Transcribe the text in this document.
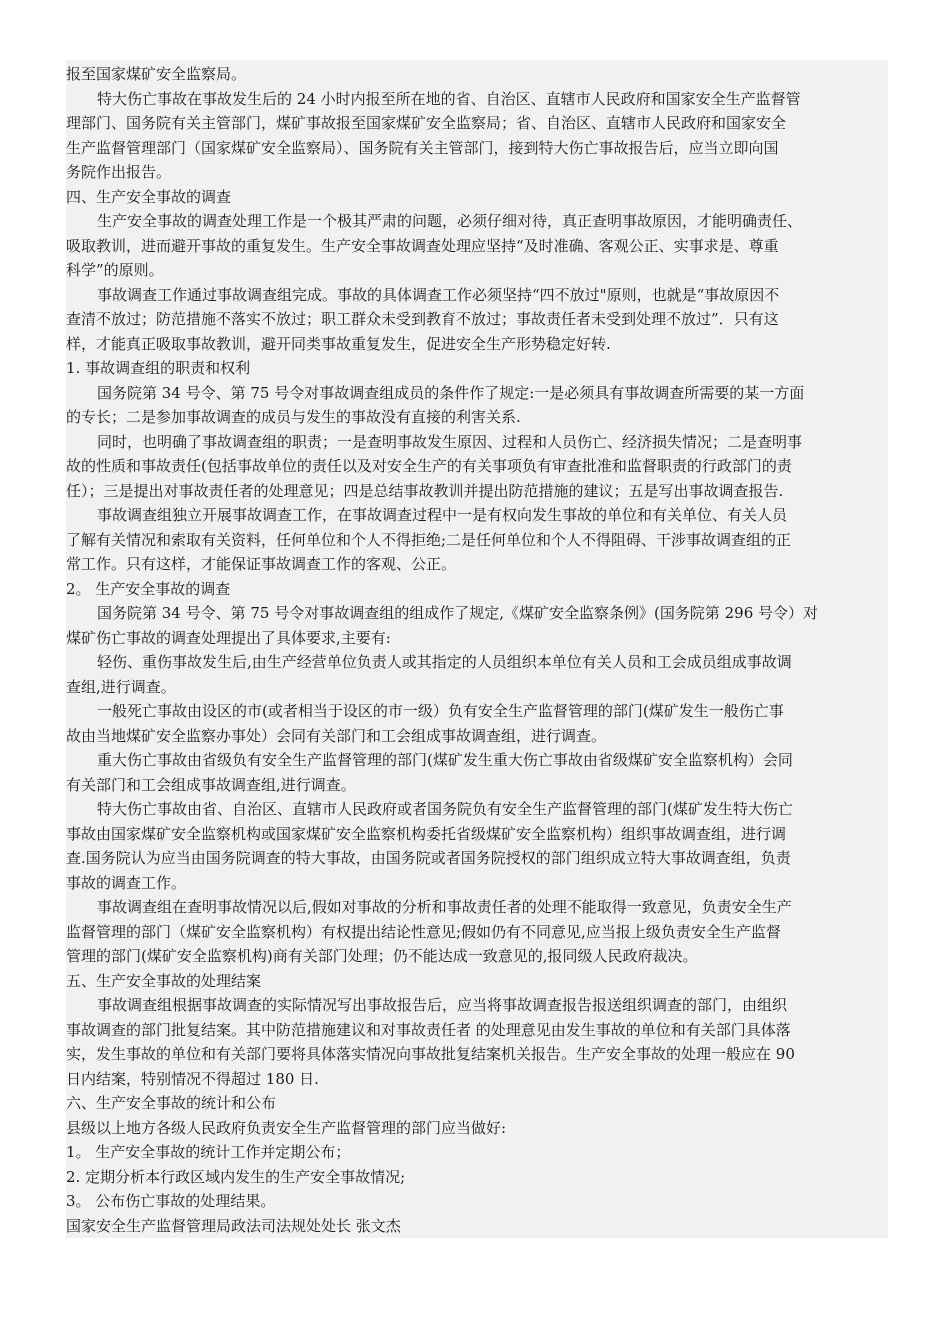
报至国家煤矿安全监察局。
特大伤亡事故在事故发生后的 24 小时内报至所在地的省、自治区、直辖市人民政府和国家安全生产监督管
理部门、国务院有关主管部门，煤矿事故报至国家煤矿安全监察局；省、自治区、直辖市人民政府和国家安全
生产监督管理部门（国家煤矿安全监察局）、国务院有关主管部门，接到特大伤亡事故报告后，应当立即向国
务院作出报告。
四、生产安全事故的调查
生产安全事故的调查处理工作是一个极其严肃的问题，必须仔细对待，真正查明事故原因，才能明确责任、
吸取教训，进而避开事故的重复发生。生产安全事故调查处理应坚持“及时准确、客观公正、实事求是、尊重
科学”的原则。
事故调查工作通过事故调查组完成。事故的具体调查工作必须坚持“四不放过"原则，也就是“事故原因不
查清不放过；防范措施不落实不放过；职工群众未受到教育不放过；事故责任者未受到处理不放过”．只有这
样，才能真正吸取事故教训，避开同类事故重复发生，促进安全生产形势稳定好转.
1. 事故调查组的职责和权利
国务院第 34 号令、第 75 号令对事故调查组成员的条件作了规定:一是必须具有事故调查所需要的某一方面
的专长；二是参加事故调查的成员与发生的事故没有直接的利害关系.
同时，也明确了事故调查组的职责；一是查明事故发生原因、过程和人员伤亡、经济损失情况；二是查明事
故的性质和事故责任(包括事故单位的责任以及对安全生产的有关事项负有审查批准和监督职责的行政部门的责
任）；三是提出对事故责任者的处理意见；四是总结事故教训并提出防范措施的建议；五是写出事故调查报告.
事故调查组独立开展事故调查工作，在事故调查过程中一是有权向发生事故的单位和有关单位、有关人员
了解有关情况和索取有关资料，任何单位和个人不得拒绝;二是任何单位和个人不得阻碍、干涉事故调查组的正
常工作。只有这样，才能保证事故调查工作的客观、公正。
2。 生产安全事故的调查
国务院第 34 号令、第 75 号令对事故调查组的组成作了规定,《煤矿安全监察条例》(国务院第 296 号令）对
煤矿伤亡事故的调查处理提出了具体要求,主要有:
轻伤、重伤事故发生后,由生产经营单位负责人或其指定的人员组织本单位有关人员和工会成员组成事故调
查组,进行调查。
一般死亡事故由设区的市(或者相当于设区的市一级）负有安全生产监督管理的部门(煤矿发生一般伤亡事
故由当地煤矿安全监察办事处）会同有关部门和工会组成事故调查组，进行调查。
重大伤亡事故由省级负有安全生产监督管理的部门(煤矿发生重大伤亡事故由省级煤矿安全监察机构）会同
有关部门和工会组成事故调查组,进行调查。
特大伤亡事故由省、自治区、直辖市人民政府或者国务院负有安全生产监督管理的部门(煤矿发生特大伤亡
事故由国家煤矿安全监察机构或国家煤矿安全监察机构委托省级煤矿安全监察机构）组织事故调查组，进行调
查.国务院认为应当由国务院调查的特大事故，由国务院或者国务院授权的部门组织成立特大事故调查组，负责
事故的调查工作。
事故调查组在查明事故情况以后,假如对事故的分析和事故责任者的处理不能取得一致意见，负责安全生产
监督管理的部门（煤矿安全监察机构）有权提出结论性意见;假如仍有不同意见,应当报上级负责安全生产监督
管理的部门(煤矿安全监察机构)商有关部门处理；仍不能达成一致意见的,报同级人民政府裁决。
五、生产安全事故的处理结案
事故调查组根据事故调查的实际情况写出事故报告后，应当将事故调查报告报送组织调查的部门，由组织
事故调查的部门批复结案。其中防范措施建议和对事故责任者 的处理意见由发生事故的单位和有关部门具体落
实，发生事故的单位和有关部门要将具体落实情况向事故批复结案机关报告。生产安全事故的处理一般应在 90
日内结案，特别情况不得超过 180 日.
六、生产安全事故的统计和公布
县级以上地方各级人民政府负责安全生产监督管理的部门应当做好:
1。 生产安全事故的统计工作并定期公布；
2. 定期分析本行政区域内发生的生产安全事故情况;
3。 公布伤亡事故的处理结果。
国家安全生产监督管理局政法司法规处处长 张文杰
